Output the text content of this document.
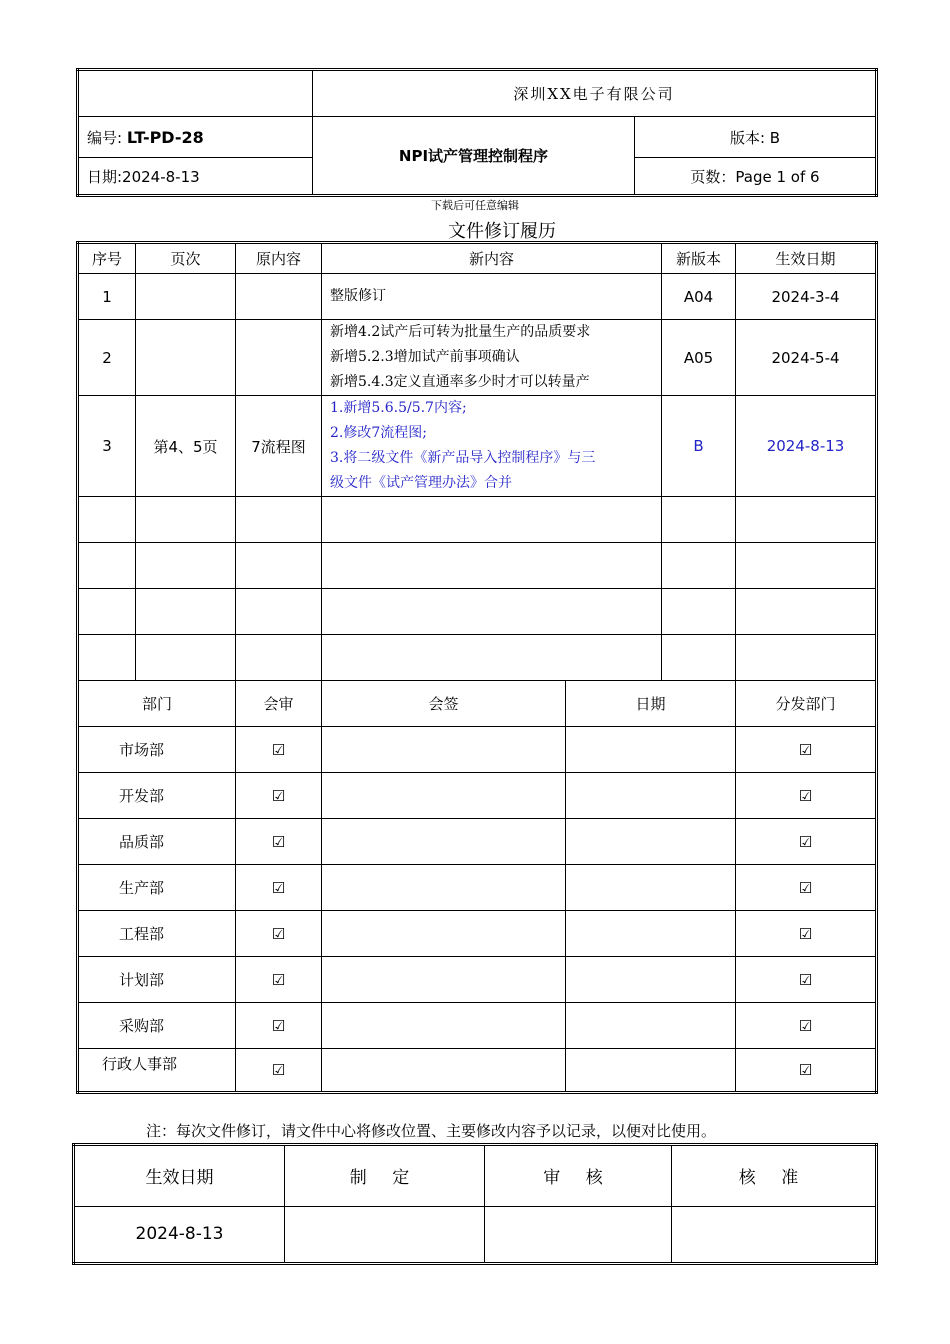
	深圳XX电子有限公司	
编号: LT-PD-28	NPI试产管理控制程序	版本: B
日期:2024-8-13		页数：Page 1 of 6
下载后可任意编辑
文件修订履历
序号	页次	原内容	新内容		新版本	生效日期
1			整版修订		A04	2024-3-4
2			新增4.2试产后可转为批量生产的品质要求
新增5.2.3增加试产前事项确认
新增5.4.3定义直通率多少时才可以转量产		A05	2024-5-4
3	第4、5页	7流程图	1.新增5.6.5/5.7内容;
2.修改7流程图;
3.将二级文件《新产品导入控制程序》与三
级文件《试产管理办法》合并		B	2024-8-13

部门		会审	会签	日期		分发部门
市场部		☑				☑
开发部		☑				☑
品质部		☑				☑
生产部		☑				☑
工程部		☑				☑
计划部		☑				☑
采购部		☑				☑
行政人事部		☑				☑
注：每次文件修订，请文件中心将修改位置、主要修改内容予以记录，以便对比使用。
生效日期	制 定	审 核	核 准
2024-8-13			
